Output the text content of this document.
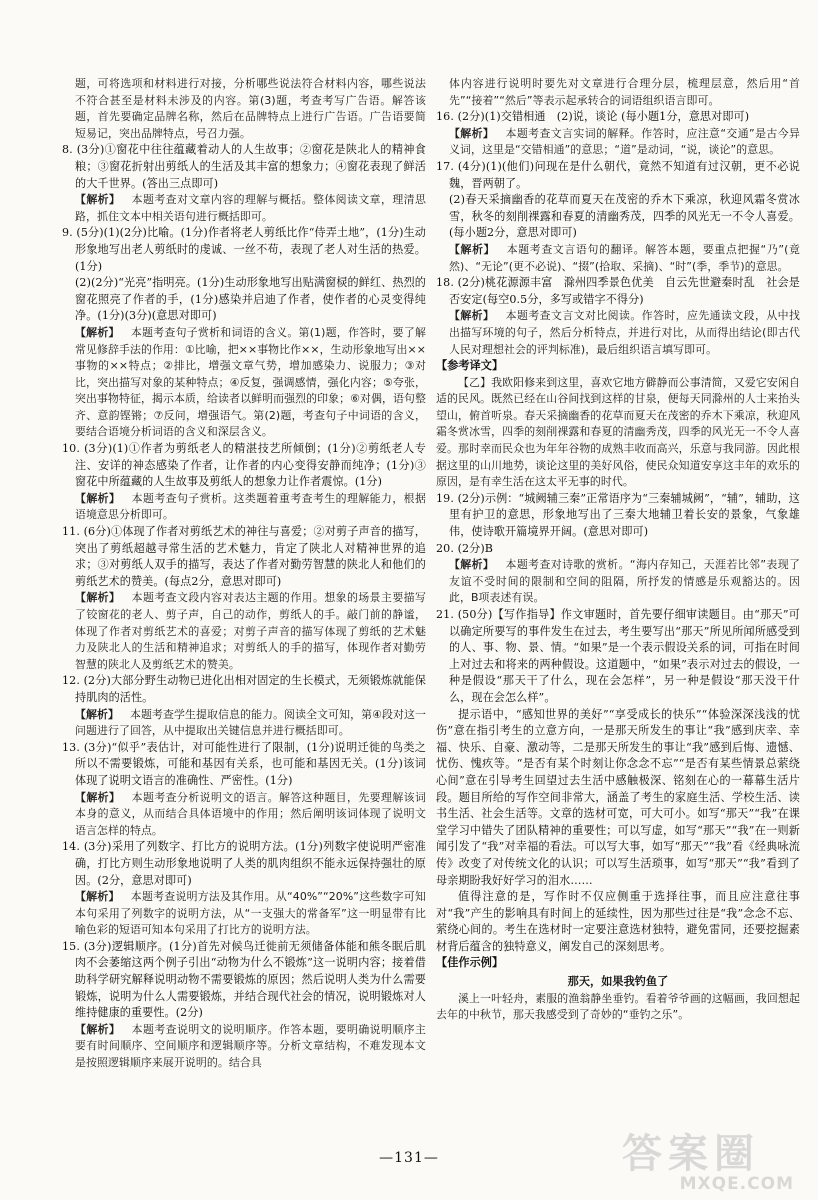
题，可将选项和材料进行对接，分析哪些说法符合材料内容，哪些说法不符合甚至是材料未涉及的内容。第(3)题，考查考写广告语。解答该题，首先要确定品牌名称，然后在品牌特点上进行广告语。广告语要简短易记，突出品牌特点，号召力强。

8. (3分)①窗花中往往蕴藏着动人的人生故事；②窗花是陕北人的精神食粮；③窗花折射出剪纸人的生活及其丰富的想象力；④窗花表现了鲜活的大千世界。(答出三点即可)

【解析】  本题考查对文章内容的理解与概括。整体阅读文章，理清思路，抓住文本中相关语句进行概括即可。

9. (5分)(1)(2分)比喻。(1分)作者将老人剪纸比作“侍弄土地”，(1分)生动形象地写出老人剪纸时的虔诚、一丝不苟，表现了老人对生活的热爱。(1分)

(2)(2分)“光亮”指明亮。(1分)生动形象地写出贴满窗棂的鲜红、热烈的窗花照亮了作者的手，(1分)感染并启迪了作者，使作者的心灵变得纯净。(1分)(3分)(意思对即可)

【解析】  本题考查句子赏析和词语的含义。第(1)题，作答时，要了解常见修辞手法的作用：①比喻，把××事物比作××，生动形象地写出××事物的××特点；②排比，增强文章气势，增加感染力、说服力；③对比，突出描写对象的某种特点；④反复，强调感情，强化内容；⑤夸张，突出事物特征，揭示本质，给读者以鲜明而强烈的印象；⑥对偶，语句整齐、意韵铿锵；⑦反问，增强语气。第(2)题，考查句子中词语的含义，要结合语境分析词语的含义和深层含义。

10. (3分)(1)①作者为剪纸老人的精湛技艺所倾倒；(1分)②剪纸老人专注、安详的神态感染了作者，让作者的内心变得安静而纯净；(1分)③窗花中所蕴藏的人生故事及剪纸人的想象力让作者震惊。(1分)

【解析】  本题考查句子赏析。这类题着重考查考生的理解能力，根据语境意思分析即可。

11. (6分)①体现了作者对剪纸艺术的神往与喜爱；②对剪子声音的描写，突出了剪纸超越寻常生活的艺术魅力，肯定了陕北人对精神世界的追求；③对剪纸人双手的描写，表达了作者对勤劳智慧的陕北人和他们的剪纸艺术的赞美。(每点2分，意思对即可)

【解析】  本题考查文段内容对表达主题的作用。想象的场景主要描写了铰窗花的老人、剪子声，自己的动作，剪纸人的手。敲门前的静谧，体现了作者对剪纸艺术的喜爱；对剪子声音的描写体现了剪纸的艺术魅力及陕北人的生活和精神追求；对剪纸人的手的描写，体现作者对勤劳智慧的陕北人及剪纸艺术的赞美。

12. (2分)大部分野生动物已进化出相对固定的生长模式，无须锻炼就能保持肌肉的活性。

【解析】  本题考查学生提取信息的能力。阅读全文可知，第④段对这一问题进行了回答，从中提取出关键信息并进行概括即可。

13. (3分)“似乎”表估计，对可能性进行了限制，(1分)说明迁徙的鸟类之所以不需要锻炼，可能和基因有关系，也可能和基因无关。(1分)该词体现了说明文语言的准确性、严密性。(1分)

【解析】  本题考查分析说明文的语言。解答这种题目，先要理解该词本身的意义，从而结合具体语境中的作用；然后阐明该词体现了说明文语言怎样的特点。

14. (3分)采用了列数字、打比方的说明方法。(1分)列数字使说明严密准确，打比方则生动形象地说明了人类的肌肉组织不能永远保持强壮的原因。(2分，意思对即可)

【解析】  本题考查说明方法及其作用。从“40%”“20%”这些数字可知本句采用了列数字的说明方法，从“一支强大的常备军”这一明显带有比喻色彩的短语可知本句采用了打比方的说明方法。

15. (3分)逻辑顺序。(1分)首先对候鸟迁徙前无须储备体能和熊冬眠后肌肉不会萎缩这两个例子引出“动物为什么不锻炼”这一说明内容；接着借助科学研究解释说明动物不需要锻炼的原因；然后说明人类为什么需要锻炼，说明为什么人需要锻炼，并结合现代社会的情况，说明锻炼对人维持健康的重要性。(2分)

【解析】  本题考查说明文的说明顺序。作答本题，要明确说明顺序主要有时间顺序、空间顺序和逻辑顺序等。分析文章结构，不难发现本文是按照逻辑顺序来展开说明的。结合具

体内容进行说明时要先对文章进行合理分层，梳理层意，然后用“首先”“接着”“然后”等表示起承转合的词语组织语言即可。

16. (2分)(1)交错相通　(2)说，谈论 (每小题1分，意思对即可)

【解析】  本题考查文言实词的解释。作答时，应注意“交通”是古今异义词，这里是“交错相通”的意思；“道”是动词，“说，谈论”的意思。

17. (4分)(1)(他们)问现在是什么朝代，竟然不知道有过汉朝，更不必说魏，晋两朝了。

(2)春天采摘幽香的花草而夏天在茂密的乔木下乘凉，秋迎风霜冬赏冰雪，秋冬的刻削裸露和春夏的清幽秀茂，四季的风光无一不令人喜爱。(每小题2分，意思对即可)

【解析】  本题考查文言语句的翻译。解答本题，要重点把握“乃”(竟然)、“无论”(更不必说)、“掇”(拾取、采摘)、“时”(季，季节)的意思。

18. (2分)桃花源源丰富　滁州四季景色优美　自云先世避秦时乱　社会是否安定(每空0.5分，多写或错字不得分)

【解析】  本题考查文言文对比阅读。作答时，应先通读文段，从中找出描写环境的句子，然后分析特点，并进行对比，从而得出结论(即古代人民对理想社会的评判标准)，最后组织语言填写即可。

【参考译文】

【乙】我欧阳修来到这里，喜欢它地方僻静而公事清简，又爱它安闲自适的民风。既然已经在山谷间找到这样的甘泉，便每天同滁州的人士来抬头望山，俯首听泉。春天采摘幽香的花草而夏天在茂密的乔木下乘凉，秋迎风霜冬赏冰雪，四季的刻削裸露和春夏的清幽秀茂，四季的风光无一不令人喜爱。那时幸而民众也为年年谷物的成熟丰收而高兴，乐意与我同游。因此根据这里的山川地势，谈论这里的美好风俗，使民众知道安享这丰年的欢乐的原因，是有幸生活在这太平无事的时代。

19. (2分)示例：“城阙辅三秦”正常语序为“三秦辅城阙”，“辅”，辅助，这里有护卫的意思，形象地写出了三秦大地辅卫着长安的景象，气象雄伟，使诗歌开篇境界开阔。(意思对即可)

20. (2分)B

【解析】  本题考查对诗歌的赏析。“海内存知己，天涯若比邻”表现了友谊不受时间的限制和空间的阻隔，所抒发的情感是乐观豁达的。因此，B项表述有误。

21. (50分)【写作指导】作文审题时，首先要仔细审读题目。由“那天”可以确定所要写的事件发生在过去，考生要写出“那天”所见所闻所感受到的人、事、物、景、情。“如果”是一个表示假设关系的词，可指在时间上对过去和将来的两种假设。这道题中，“如果”表示对过去的假设，一种是假设“那天干了什么，现在会怎样”，另一种是假设“那天没干什么，现在会怎么样”。

提示语中，“感知世界的美好”“享受成长的快乐”“体验深深浅浅的忧伤”意在指引考生的立意方向，一是那天所发生的事让“我”感到庆幸、幸福、快乐、自豪、激动等，二是那天所发生的事让“我”感到后悔、遗憾、忧伤、愧疚等。“是否有某个时刻让你念念不忘”“是否有某些情景总萦绕心间”意在引导考生回望过去生活中感触极深、铭刻在心的一幕幕生活片段。题目所给的写作空间非常大，涵盖了考生的家庭生活、学校生活、读书生活、社会生活等。文章的选材可宽，可大可小。如写“那天”“我”在课堂学习中错失了团队精神的重要性；可以写虚，如写“那天”“我”在一则新闻引发了“我”对幸福的看法。可以写大事，如写“那天”“我”看《经典咏流传》改变了对传统文化的认识；可以写生活琐事，如写“那天”“我”看到了母亲期盼我好好学习的泪水……

值得注意的是，写作时不仅应侧重于选择往事，而且应注意往事对“我”产生的影响具有时间上的延续性，因为那些过往是“我”念念不忘、萦绕心间的。考生在选材时一定要注意选材独特，避免雷同，还要挖掘素材背后蕴含的独特意义，阐发自己的深刻思考。

【佳作示例】

那天，如果我钓鱼了

溪上一叶轻舟，素服的渔翁静坐垂钓。看着爷爷画的这幅画，我回想起去年的中秋节，那天我感受到了奇妙的“垂钓之乐”。

—131—	答案圈
MXQE.COM
